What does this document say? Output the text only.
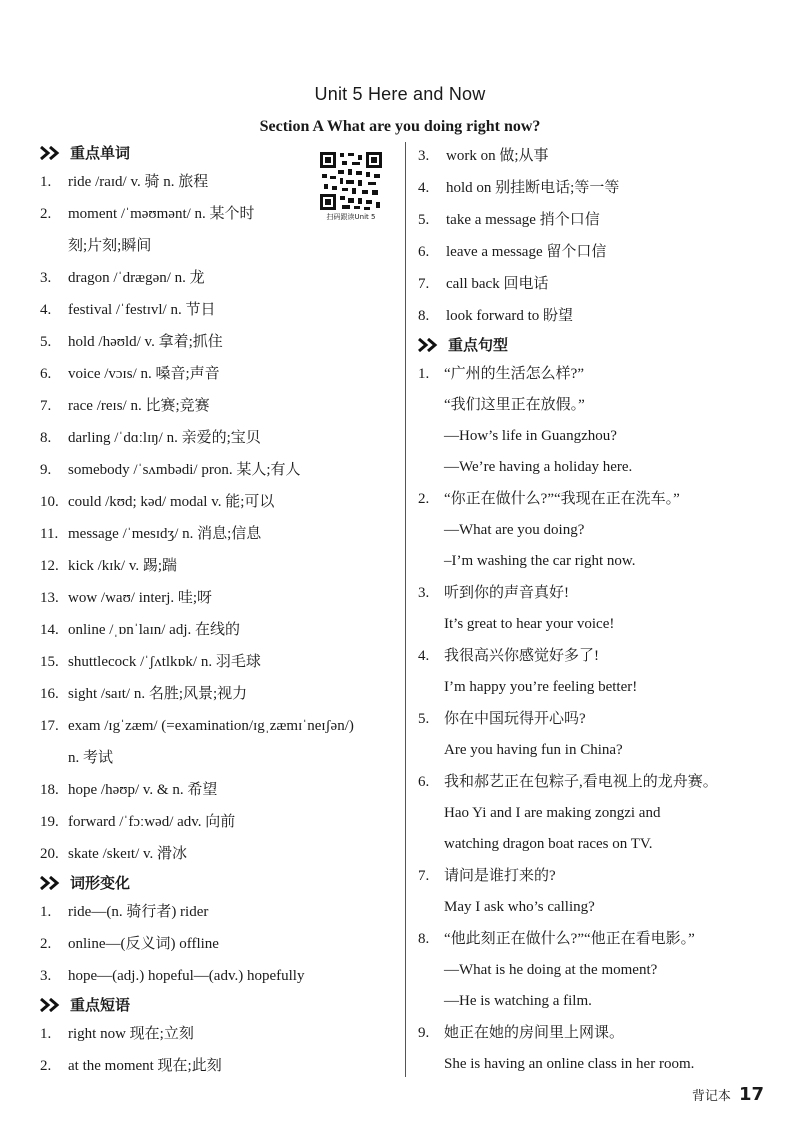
Unit 5 Here and Now
Section A What are you doing right now?
扫码跟读Unit 5
重点单词
1.	ride /raɪd/ v. 骑 n. 旅程
2.	moment /ˈməʊmənt/ n. 某个时
刻;片刻;瞬间
3.	dragon /ˈdrægən/ n. 龙
4.	festival /ˈfestɪvl/ n. 节日
5.	hold /həʊld/ v. 拿着;抓住
6.	voice /vɔɪs/ n. 嗓音;声音
7.	race /reɪs/ n. 比赛;竞赛
8.	darling /ˈdɑːlɪŋ/ n. 亲爱的;宝贝
9.	somebody /ˈsʌmbədi/ pron. 某人;有人
10. could /kʊd; kəd/ modal v. 能;可以
11. message /ˈmesɪdʒ/ n. 消息;信息
12. kick /kɪk/ v. 踢;踹
13. wow /waʊ/ interj. 哇;呀
14. online /ˌɒnˈlaɪn/ adj. 在线的
15. shuttlecock /ˈʃʌtlkɒk/ n. 羽毛球
16. sight /saɪt/ n. 名胜;风景;视力
17. exam /ɪgˈzæm/ (=examination/ɪgˌzæmɪˈneɪʃən/)
n. 考试
18. hope /həʊp/ v. & n. 希望
19. forward /ˈfɔːwəd/ adv. 向前
20. skate /skeɪt/ v. 滑冰
词形变化
1.	ride—(n. 骑行者) rider
2.	online—(反义词) offline
3.	hope—(adj.) hopeful—(adv.) hopefully
重点短语
1.	right now 现在;立刻
2.	at the moment 现在;此刻
3.	work on 做;从事
4.	hold on 别挂断电话;等一等
5.	take a message 捎个口信
6.	leave a message 留个口信
7.	call back 回电话
8.	look forward to 盼望
重点句型
1. “广州的生活怎么样?”
“我们这里正在放假。”
—How’s life in Guangzhou?
—We’re having a holiday here.
2. “你正在做什么?”“我现在正在洗车。”
—What are you doing?
–I’m washing the car right now.
3. 听到你的声音真好!
It’s great to hear your voice!
4. 我很高兴你感觉好多了!
I’m happy you’re feeling better!
5. 你在中国玩得开心吗?
Are you having fun in China?
6. 我和郝艺正在包粽子,看电视上的龙舟赛。
Hao Yi and I are making zongzi and
watching dragon boat races on TV.
7. 请问是谁打来的?
May I ask who’s calling?
8. “他此刻正在做什么?”“他正在看电影。”
—What is he doing at the moment?
—He is watching a film.
9. 她正在她的房间里上网课。
She is having an online class in her room.
背记本 17
